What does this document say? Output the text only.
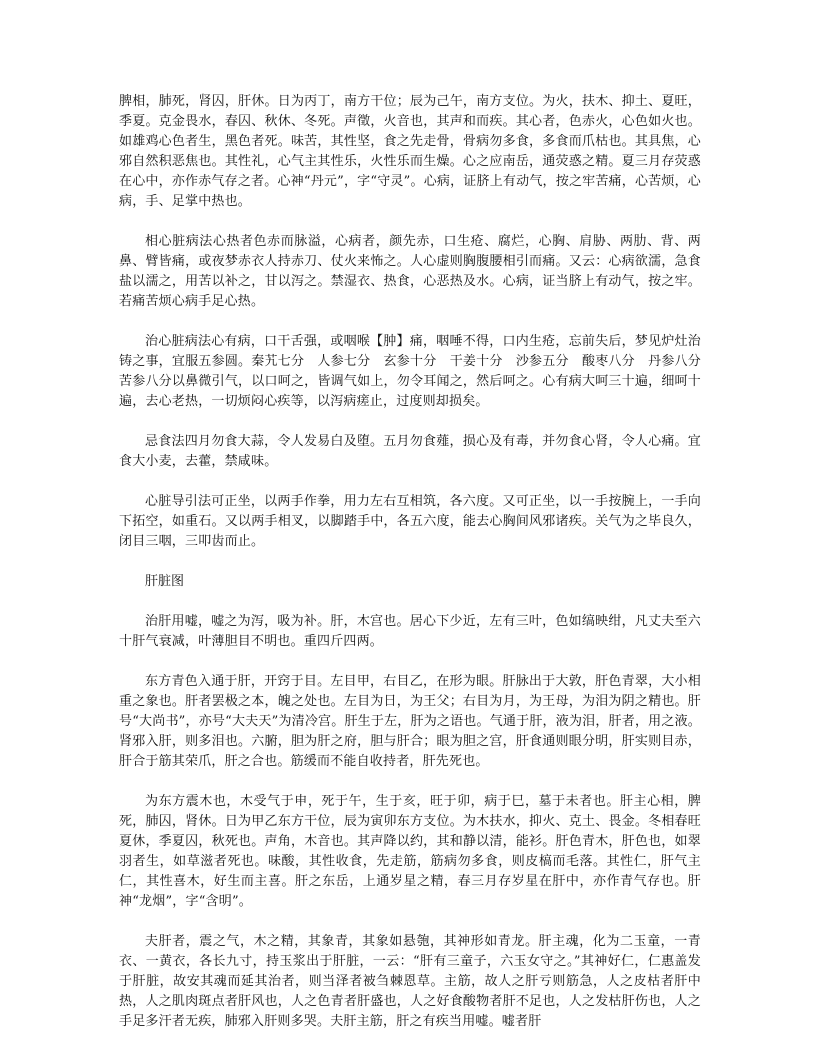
脾相，肺死，肾囚，肝休。日为丙丁，南方干位；辰为己午，南方支位。为火，扶木、抑土、夏旺，季夏。克金畏水，春囚、秋休、冬死。声徵，火音也，其声和而疾。其心者，色赤火，心色如火也。如雄鸡心色者生，黑色者死。味苦，其性坚，食之先走骨，骨病勿多食，多食而爪枯也。其具焦，心邪自然积恶焦也。其性礼，心气主其性乐，火性乐而生燥。心之应南岳，通荧惑之精。夏三月存荧惑在心中，亦作赤气存之者。心神“丹元”，字“守灵”。心病，证脐上有动气，按之牢苦痛，心苦烦，心病，手、足掌中热也。

相心脏病法心热者色赤而脉溢，心病者，颜先赤，口生疮、腐烂，心胸、肩胁、两肋、背、两鼻、臂皆痛，或夜梦赤衣人持赤刀、仗火来怖之。人心虚则胸腹腰相引而痛。又云：心病欲濡，急食盐以濡之，用苦以补之，甘以泻之。禁湿衣、热食，心恶热及水。心病，证当脐上有动气，按之牢。若痛苦烦心病手足心热。

治心脏病法心有病，口干舌强，或咽喉【肿】痛，咽唾不得，口内生疮，忘前失后，梦见炉灶治铸之事，宜服五参圆。秦艽七分　人参七分　玄参十分　干姜十分　沙参五分　酸枣八分　丹参八分　苦参八分以鼻微引气，以口呵之，皆调气如上，勿令耳闻之，然后呵之。心有病大呵三十遍，细呵十遍，去心老热，一切烦闷心疾等，以泻病瘥止，过度则却损矣。

忌食法四月勿食大蒜，令人发易白及堕。五月勿食薤，损心及有毒，并勿食心肾，令人心痛。宜食大小麦，去藿，禁咸味。

心脏导引法可正坐，以两手作拳，用力左右互相筑，各六度。又可正坐，以一手按腕上，一手向下拓空，如重石。又以两手相叉，以脚踏手中，各五六度，能去心胸间风邪诸疾。关气为之毕良久，闭目三咽，三叩齿而止。

肝脏图

治肝用嘘，嘘之为泻，吸为补。肝，木宫也。居心下少近，左有三叶，色如缟映绀，凡丈夫至六十肝气衰减，叶薄胆目不明也。重四斤四两。

东方青色入通于肝，开窍于目。左目甲，右目乙，在形为眼。肝脉出于大敦，肝色青翠，大小相重之象也。肝者罢极之本，魄之处也。左目为日，为王父；右目为月，为王母，为泪为阴之精也。肝号“大尚书”，亦号“大夫天”为清冷宫。肝生于左，肝为之语也。气通于肝，液为泪，肝者，用之液。肾邪入肝，则多泪也。六腑，胆为肝之府，胆与肝合；眼为胆之宫，肝食通则眼分明，肝实则目赤，肝合于筋其荣爪，肝之合也。筋缓而不能自收持者，肝先死也。

为东方震木也，木受气于申，死于午，生于亥，旺于卯，病于巳，墓于未者也。肝主心相，脾死，肺囚，肾休。日为甲乙东方干位，辰为寅卯东方支位。为木扶水，抑火、克土、畏金。冬相春旺夏休，季夏囚，秋死也。声角，木音也。其声降以约，其和静以清，能衫。肝色青木，肝色也，如翠羽者生，如草滋者死也。味酸，其性收食，先走筋，筋病勿多食，则皮槁而毛落。其性仁，肝气主仁，其性喜木，好生而主喜。肝之东岳，上通岁星之精，春三月存岁星在肝中，亦作青气存也。肝神“龙烟”，字“含明”。

夫肝者，震之气，木之精，其象青，其象如悬匏，其神形如青龙。肝主魂，化为二玉童，一青衣、一黄衣，各长九寸，持玉浆出于肝脏，一云：“肝有三童子，六玉女守之。”其神好仁，仁惠盖发于肝脏，故安其魂而延其治者，则当泽者被刍棘恩草。主筋，故人之肝亏则筋急，人之皮枯者肝中热，人之肌肉斑点者肝风也，人之色青者肝盛也，人之好食酸物者肝不足也，人之发枯肝伤也，人之手足多汗者无疾，肺邪入肝则多哭。夫肝主筋，肝之有疾当用嘘。嘘者肝
